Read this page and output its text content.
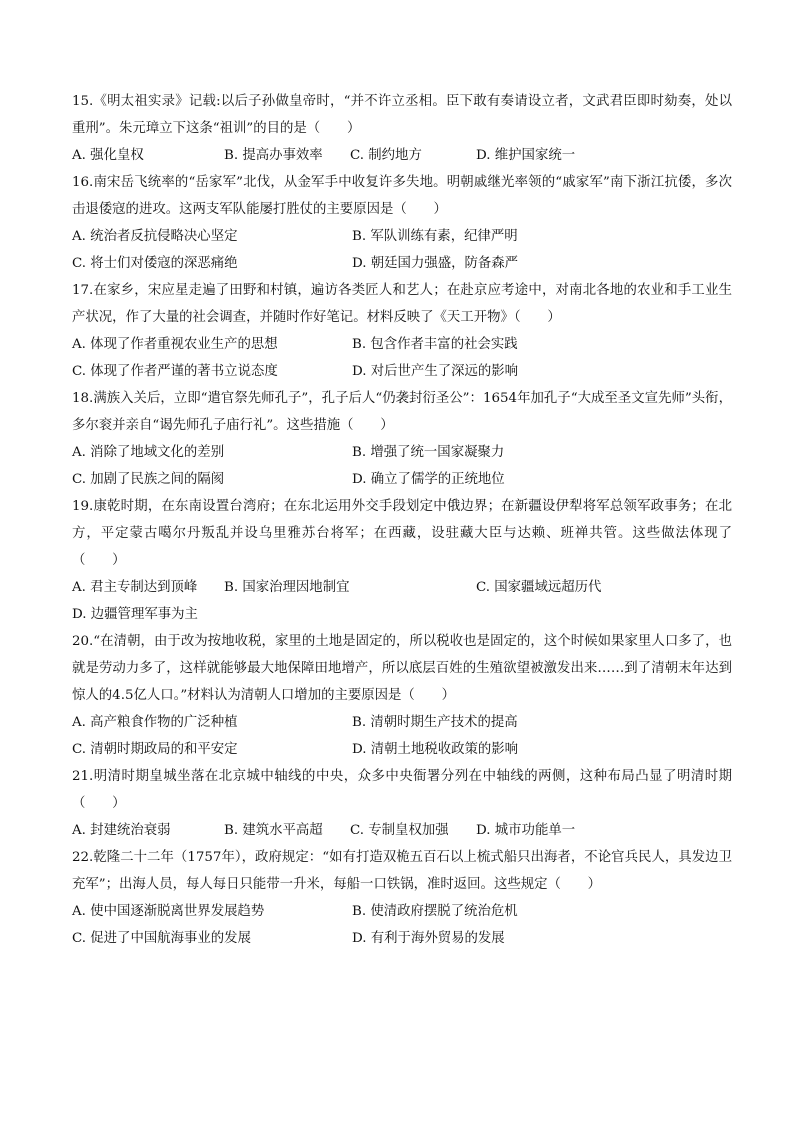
15.《明太祖实录》记载:以后子孙做皇帝时，“并不许立丞相。臣下敢有奏请设立者，文武君臣即时劾奏，处以重刑”。朱元璋立下这条“祖训”的目的是（　　）

A. 强化皇权	B. 提高办事效率	C. 制约地方	D. 维护国家统一

16.南宋岳飞统率的“岳家军”北伐，从金军手中收复许多失地。明朝戚继光率领的“戚家军”南下浙江抗倭，多次击退倭寇的进攻。这两支军队能屡打胜仗的主要原因是（　　）

A. 统治者反抗侵略决心坚定	B. 军队训练有素，纪律严明
C. 将士们对倭寇的深恶痛绝	D. 朝廷国力强盛，防备森严

17.在家乡，宋应星走遍了田野和村镇，遍访各类匠人和艺人；在赴京应考途中，对南北各地的农业和手工业生产状况，作了大量的社会调查，并随时作好笔记。材料反映了《天工开物》（　　）

A. 体现了作者重视农业生产的思想	B. 包含作者丰富的社会实践
C. 体现了作者严谨的著书立说态度	D. 对后世产生了深远的影响

18.满族入关后，立即“遣官祭先师孔子”，孔子后人“仍袭封衍圣公”：1654年加孔子“大成至圣文宣先师”头衔，多尔衮并亲自“谒先师孔子庙行礼”。这些措施（　　）

A. 消除了地域文化的差别	B. 增强了统一国家凝聚力
C. 加剧了民族之间的隔阂	D. 确立了儒学的正统地位

19.康乾时期，在东南设置台湾府；在东北运用外交手段划定中俄边界；在新疆设伊犁将军总领军政事务；在北方，平定蒙古噶尔丹叛乱并设乌里雅苏台将军；在西藏，设驻藏大臣与达赖、班禅共管。这些做法体现了（　　）

A. 君主专制达到顶峰	B. 国家治理因地制宜	C. 国家疆域远超历代
D. 边疆管理军事为主

20.“在清朝，由于改为按地收税，家里的土地是固定的，所以税收也是固定的，这个时候如果家里人口多了，也就是劳动力多了，这样就能够最大地保障田地增产，所以底层百姓的生殖欲望被激发出来……到了清朝末年达到惊人的4.5亿人口。”材料认为清朝人口增加的主要原因是（　　）

A. 高产粮食作物的广泛种植	B. 清朝时期生产技术的提高
C. 清朝时期政局的和平安定	D. 清朝土地税收政策的影响

21.明清时期皇城坐落在北京城中轴线的中央，众多中央衙署分列在中轴线的两侧，这种布局凸显了明清时期（　　）

A. 封建统治衰弱	B. 建筑水平高超	C. 专制皇权加强	D. 城市功能单一

22.乾隆二十二年（1757年），政府规定：“如有打造双桅五百石以上梳式船只出海者，不论官兵民人，具发边卫充军”；出海人员，每人每日只能带一升米，每船一口铁锅，准时返回。这些规定（　　）

A. 使中国逐渐脱离世界发展趋势	B. 使清政府摆脱了统治危机
C. 促进了中国航海事业的发展	D. 有利于海外贸易的发展
